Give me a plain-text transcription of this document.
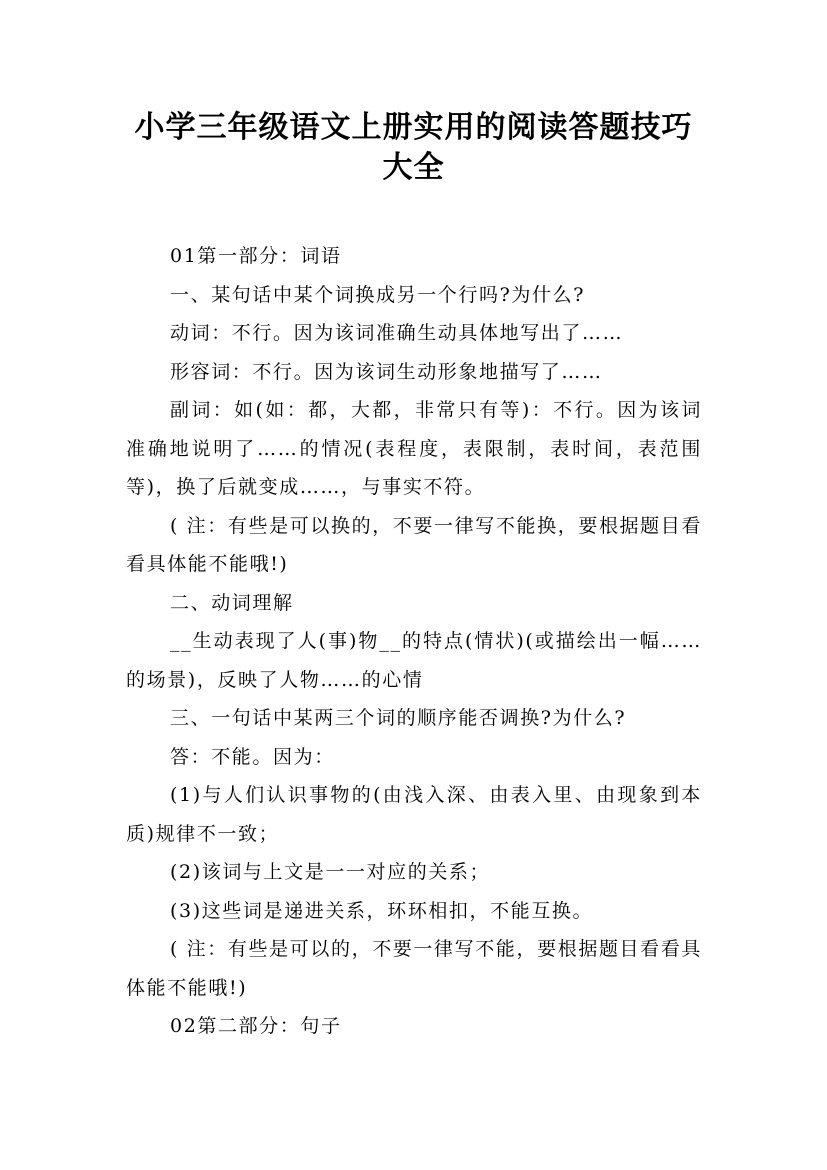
小学三年级语文上册实用的阅读答题技巧
大全

01第一部分：词语

一、某句话中某个词换成另一个行吗?为什么?

动词：不行。因为该词准确生动具体地写出了……

形容词：不行。因为该词生动形象地描写了……

副词：如(如：都，大都，非常只有等)：不行。因为该词准确地说明了……的情况(表程度，表限制，表时间，表范围等)，换了后就变成……，与事实不符。

( 注：有些是可以换的，不要一律写不能换，要根据题目看看具体能不能哦!)

二、动词理解

__生动表现了人(事)物__的特点(情状)(或描绘出一幅……的场景)，反映了人物……的心情

三、一句话中某两三个词的顺序能否调换?为什么?

答：不能。因为：

(1)与人们认识事物的(由浅入深、由表入里、由现象到本质)规律不一致；

(2)该词与上文是一一对应的关系；

(3)这些词是递进关系，环环相扣，不能互换。

( 注：有些是可以的，不要一律写不能，要根据题目看看具体能不能哦!)

02第二部分：句子
